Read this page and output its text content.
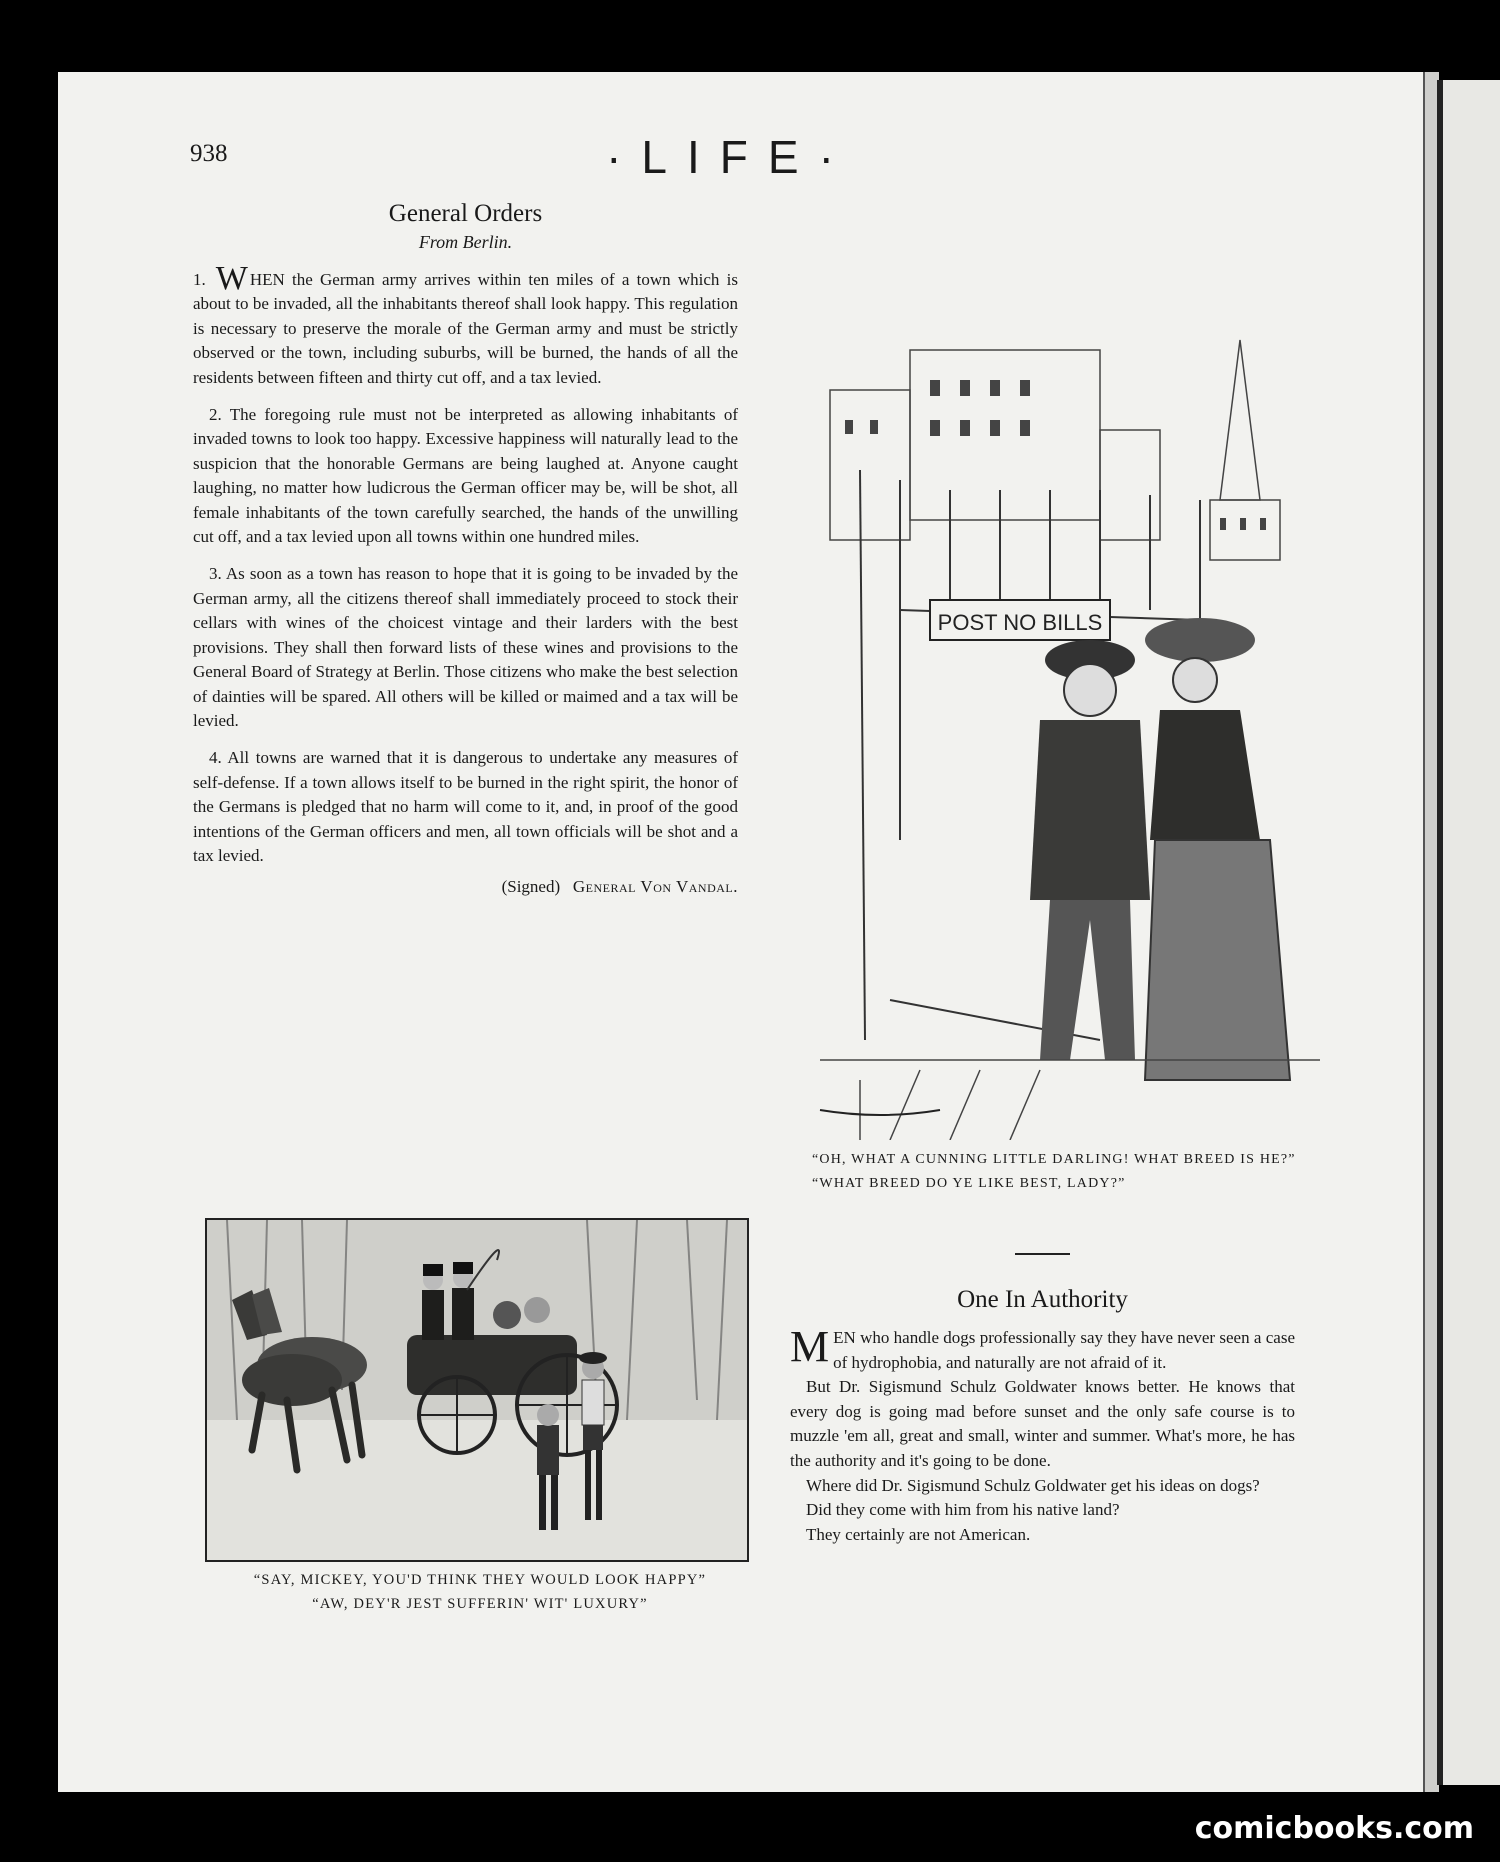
938	·LIFE·
General Orders
From Berlin.

1. W HEN the German army arrives within ten miles of a town which is about to be invaded, all the inhabitants thereof shall look happy. This regulation is necessary to preserve the morale of the German army and must be strictly observed or the town, including suburbs, will be burned, the hands of all the residents between fifteen and thirty cut off, and a tax levied.

2. The foregoing rule must not be interpreted as allowing inhabitants of invaded towns to look too happy. Excessive happiness will naturally lead to the suspicion that the honorable Germans are being laughed at. Anyone caught laughing, no matter how ludicrous the German officer may be, will be shot, all female inhabitants of the town carefully searched, the hands of the unwilling cut off, and a tax levied upon all towns within one hundred miles.

3. As soon as a town has reason to hope that it is going to be invaded by the German army, all the citizens thereof shall immediately proceed to stock their cellars with wines of the choicest vintage and their larders with the best provisions. They shall then forward lists of these wines and provisions to the General Board of Strategy at Berlin. Those citizens who make the best selection of dainties will be spared. All others will be killed or maimed and a tax will be levied.

4. All towns are warned that it is dangerous to undertake any measures of self-defense. If a town allows itself to be burned in the right spirit, the honor of the Germans is pledged that no harm will come to it, and, in proof of the good intentions of the German officers and men, all town officials will be shot and a tax levied.

(Signed) General Von Vandal.
“SAY, MICKEY, YOU'D THINK THEY WOULD LOOK HAPPY”
“AW, DEY'R JEST SUFFERIN' WIT' LUXURY”
POST NO BILLS
“OH, WHAT A CUNNING LITTLE DARLING! WHAT BREED IS HE?”
“WHAT BREED DO YE LIKE BEST, LADY?”
One In Authority

MEN who handle dogs professionally say they have never seen a case of hydrophobia, and naturally are not afraid of it.

But Dr. Sigismund Schulz Goldwater knows better. He knows that every dog is going mad before sunset and the only safe course is to muzzle 'em all, great and small, winter and summer. What's more, he has the authority and it's going to be done.

Where did Dr. Sigismund Schulz Goldwater get his ideas on dogs?

Did they come with him from his native land?

They certainly are not American.

comicbooks.com
